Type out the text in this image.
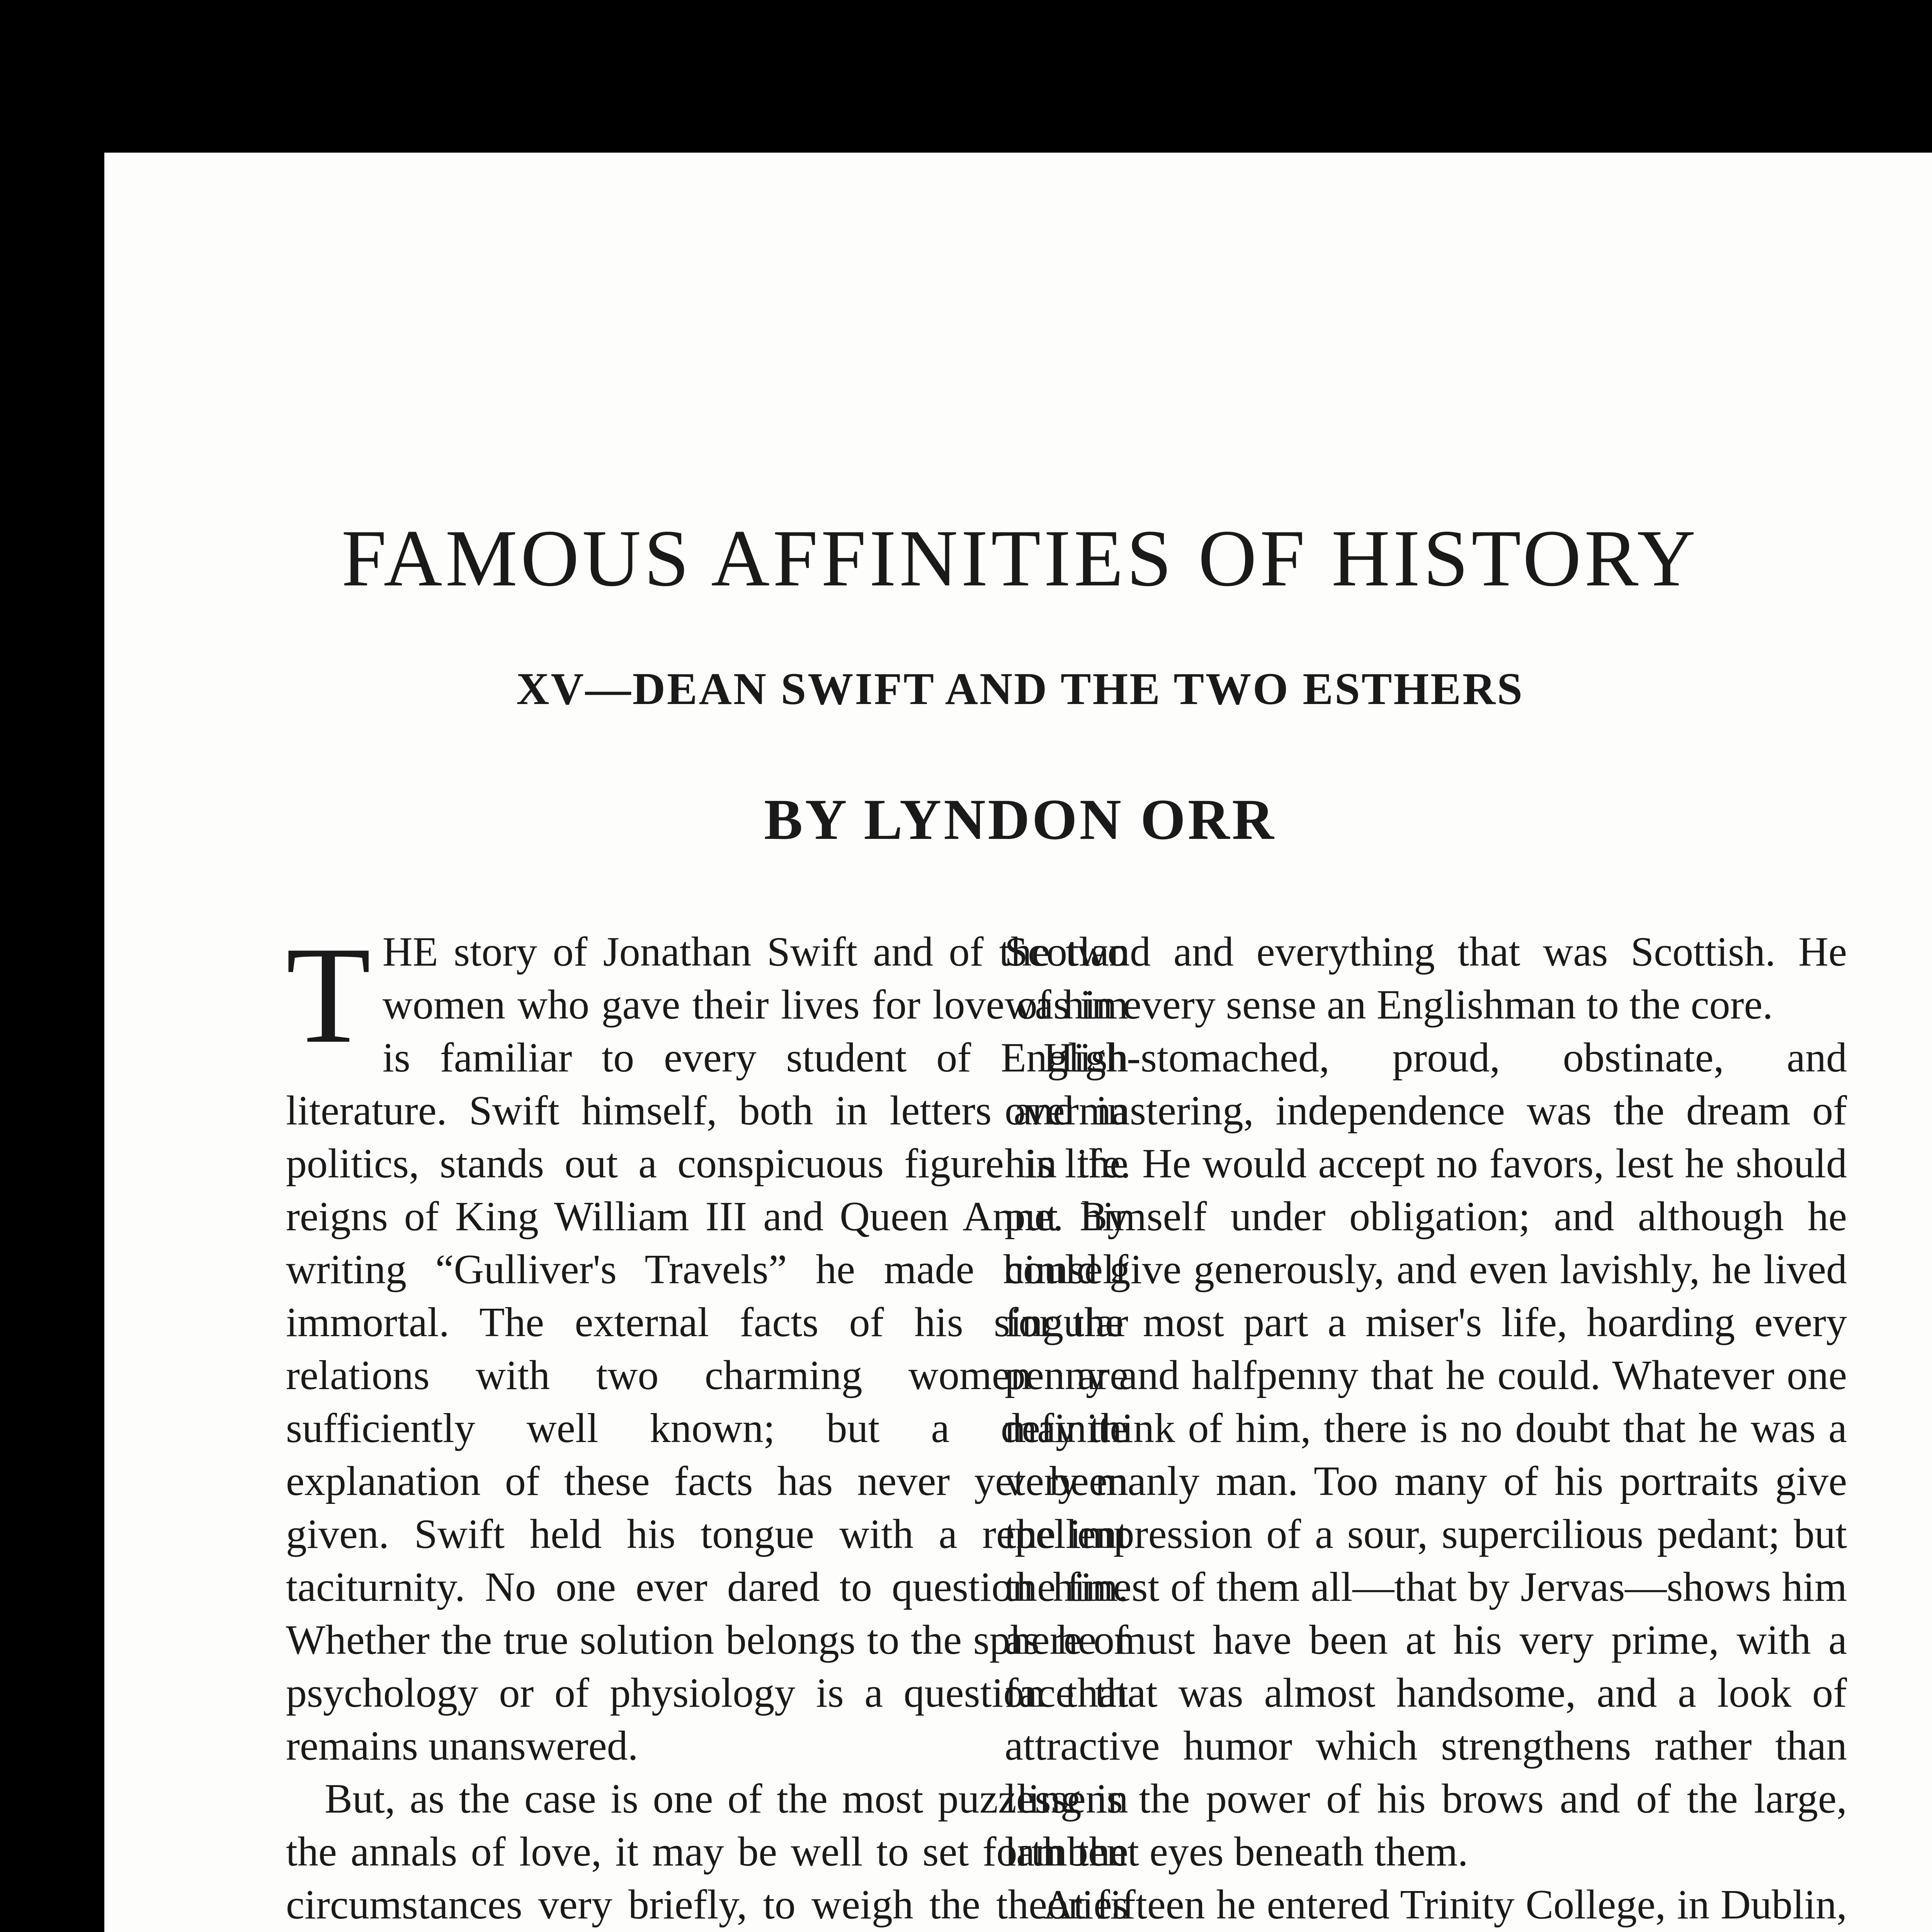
FAMOUS AFFINITIES OF HISTORY
XV—DEAN SWIFT AND THE TWO ESTHERS
BY LYNDON ORR

THE story of Jonathan Swift and of the two women who gave their lives for love of him is familiar to every student of English literature. Swift himself, both in letters and in politics, stands out a conspicuous figure in the reigns of King William III and Queen Anne. By writing “Gulliver's Travels” he made himself immortal. The external facts of his singular relations with two charming women are sufficiently well known; but a definite explanation of these facts has never yet been given. Swift held his tongue with a repellent taciturnity. No one ever dared to question him. Whether the true solution belongs to the sphere of psychology or of physiology is a question that remains unanswered.

But, as the case is one of the most puzzling in the annals of love, it may be well to set forth the circumstances very briefly, to weigh the theories

Scotland and everything that was Scottish. He was in every sense an Englishman to the core.

High-stomached, proud, obstinate, and overmastering, independence was the dream of his life. He would accept no favors, lest he should put himself under obligation; and although he could give generously, and even lavishly, he lived for the most part a miser's life, hoarding every penny and halfpenny that he could. Whatever one may think of him, there is no doubt that he was a very manly man. Too many of his portraits give the impression of a sour, supercilious pedant; but the finest of them all—that by Jervas—shows him as he must have been at his very prime, with a face that was almost handsome, and a look of attractive humor which strengthens rather than lessens the power of his brows and of the large, lambent eyes beneath them.

At fifteen he entered Trinity College, in Dublin,
